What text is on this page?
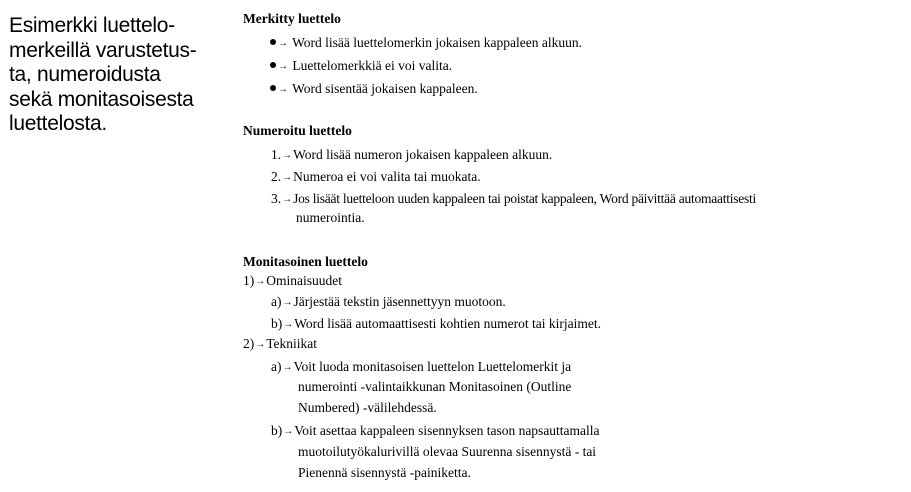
Esimerkki luettelo-
merkeillä varustetus-
ta, numeroidusta
sekä monitasoisesta
luettelosta.
Merkitty luettelo
→ Word lisää luettelomerkin jokaisen kappaleen alkuun.
→ Luettelomerkkiä ei voi valita.
→ Word sisentää jokaisen kappaleen.
Numeroitu luettelo
1.→Word lisää numeron jokaisen kappaleen alkuun.
2.→Numeroa ei voi valita tai muokata.
3.→Jos lisäät luetteloon uuden kappaleen tai poistat kappaleen, Word päivittää automaattisesti
numerointia.
Monitasoinen luettelo
1)→Ominaisuudet
a)→Järjestää tekstin jäsennettyyn muotoon.
b)→Word lisää automaattisesti kohtien numerot tai kirjaimet.
2)→Tekniikat
a)→Voit luoda monitasoisen luettelon Luettelomerkit ja
numerointi -valintaikkunan Monitasoinen (Outline
Numbered) -välilehdessä.
b)→Voit asettaa kappaleen sisennyksen tason napsauttamalla
muotoilutyökalurivillä olevaa Suurenna sisennystä - tai
Pienennä sisennystä -painiketta.
